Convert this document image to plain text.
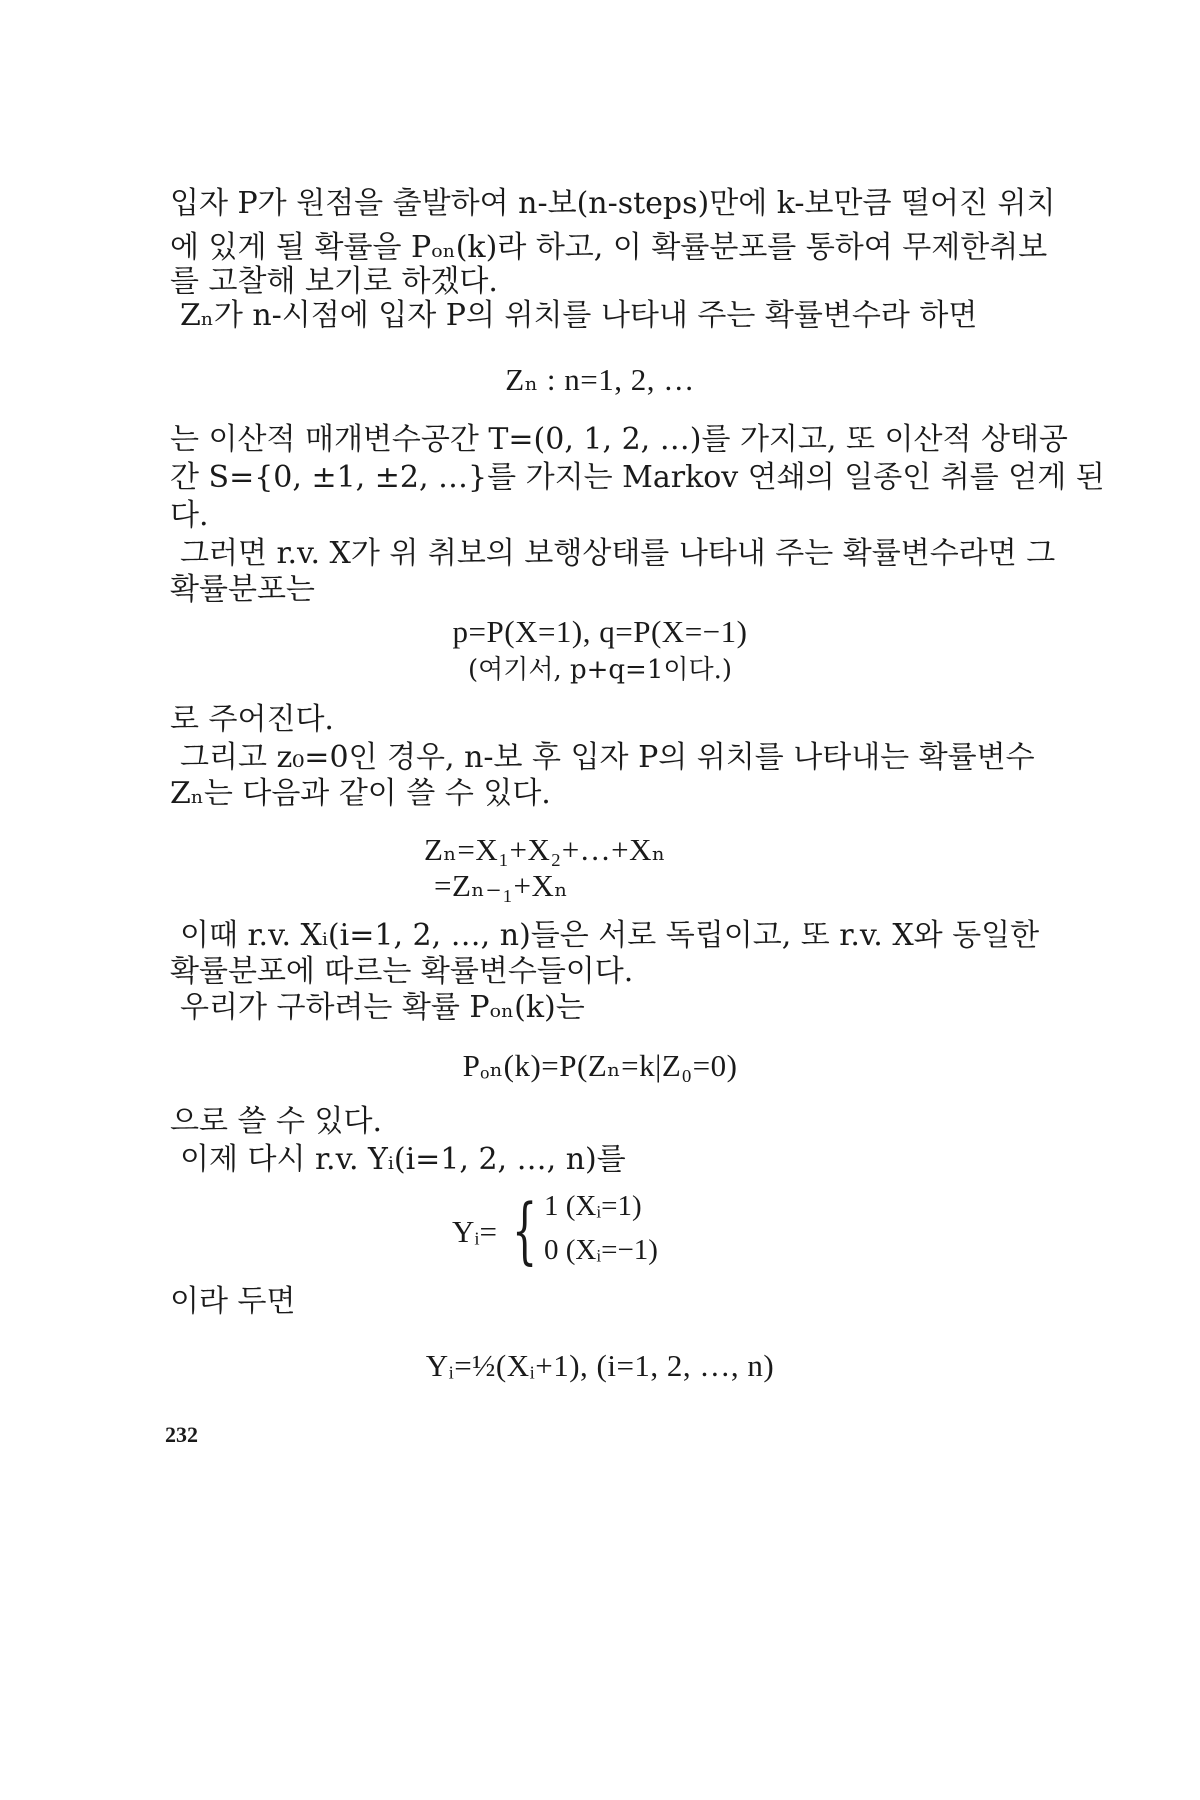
입자 P가 원점을 출발하여 n-보(n-steps)만에 k-보만큼 떨어진 위치
에 있게 될 확률을 Pₒₙ(k)라 하고, 이 확률분포를 통하여 무제한취보
를 고찰해 보기로 하겠다.
Zₙ가 n-시점에 입자 P의 위치를 나타내 주는 확률변수라 하면
Zₙ : n=1, 2, …
는 이산적 매개변수공간 T=(0, 1, 2, …)를 가지고, 또 이산적 상태공
간 S={0, ±1, ±2, …}를 가지는 Markov 연쇄의 일종인 취를 얻게 된
다.
그러면 r.v. X가 위 취보의 보행상태를 나타내 주는 확률변수라면 그
확률분포는
p=P(X=1), q=P(X=−1)
(여기서, p+q=1이다.)
로 주어진다.
그리고 z₀=0인 경우, n-보 후 입자 P의 위치를 나타내는 확률변수
Zₙ는 다음과 같이 쓸 수 있다.
Zₙ=X₁+X₂+…+Xₙ
=Zₙ₋₁+Xₙ
이때 r.v. Xᵢ(i=1, 2, …, n)들은 서로 독립이고, 또 r.v. X와 동일한
확률분포에 따르는 확률변수들이다.
우리가 구하려는 확률 Pₒₙ(k)는
Pₒₙ(k)=P(Zₙ=k|Z₀=0)
으로 쓸 수 있다.
이제 다시 r.v. Yᵢ(i=1, 2, …, n)를
Yᵢ= { 1 (Xᵢ=1)
0 (Xᵢ=−1)
이라 두면
Yᵢ=½(Xᵢ+1), (i=1, 2, …, n)
232
